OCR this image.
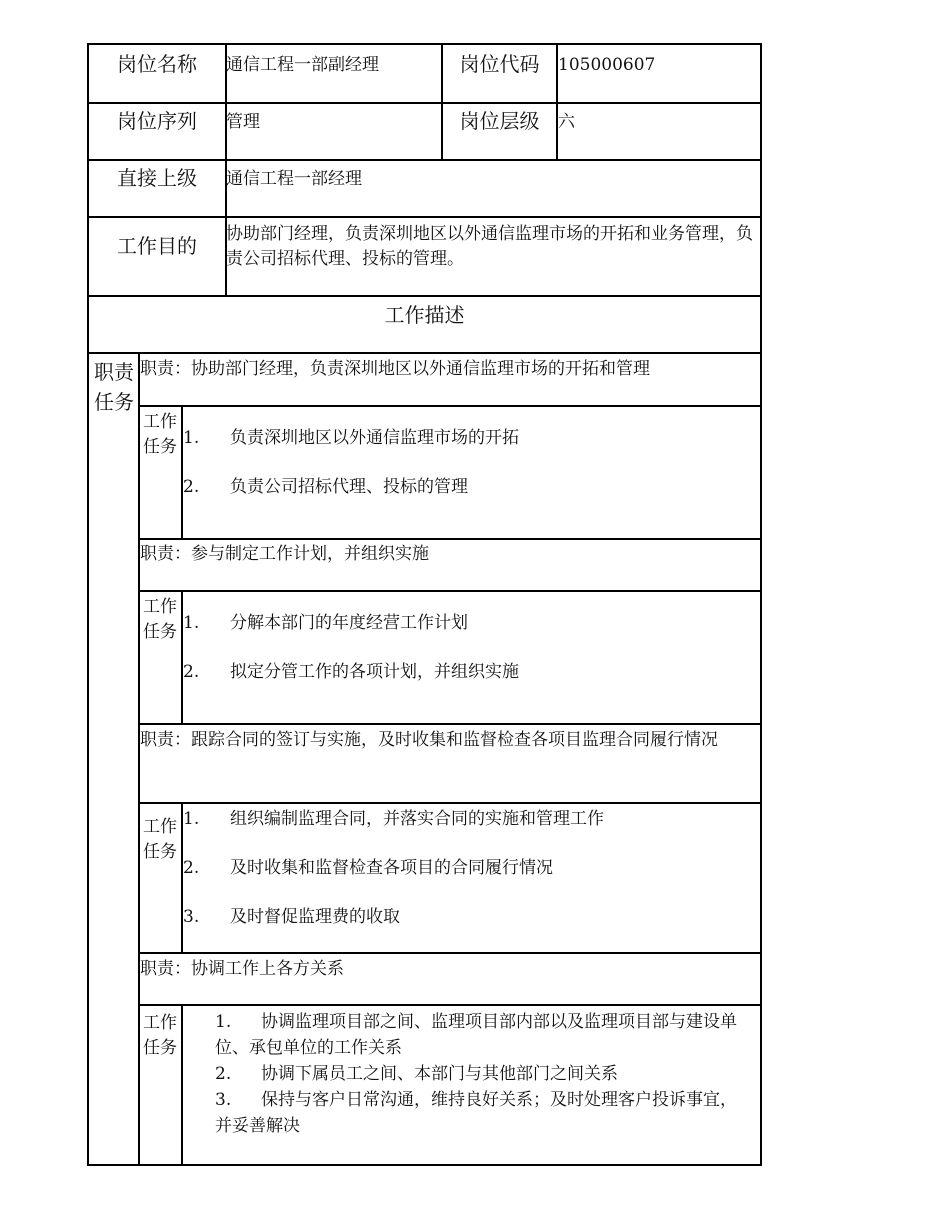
岗位名称	通信工程一部副经理	岗位代码	105000607
岗位序列	管理	岗位层级	六
直接上级	通信工程一部经理
工作目的	协助部门经理，负责深圳地区以外通信监理市场的开拓和业务管理，负责公司招标代理、投标的管理。
工作描述
职责任务
职责：协助部门经理，负责深圳地区以外通信监理市场的开拓和管理
工作任务 1. 负责深圳地区以外通信监理市场的开拓
2. 负责公司招标代理、投标的管理
职责：参与制定工作计划，并组织实施
工作任务 1. 分解本部门的年度经营工作计划
2. 拟定分管工作的各项计划，并组织实施
职责：跟踪合同的签订与实施，及时收集和监督检查各项目监理合同履行情况
工作任务
1. 组织编制监理合同，并落实合同的实施和管理工作
2. 及时收集和监督检查各项目的合同履行情况
3. 及时督促监理费的收取
职责：协调工作上各方关系
工作任务

1. 协调监理项目部之间、监理项目部内部以及监理项目部与建设单位、承包单位的工作关系

2. 协调下属员工之间、本部门与其他部门之间关系

3. 保持与客户日常沟通，维持良好关系；及时处理客户投诉事宜，并妥善解决
